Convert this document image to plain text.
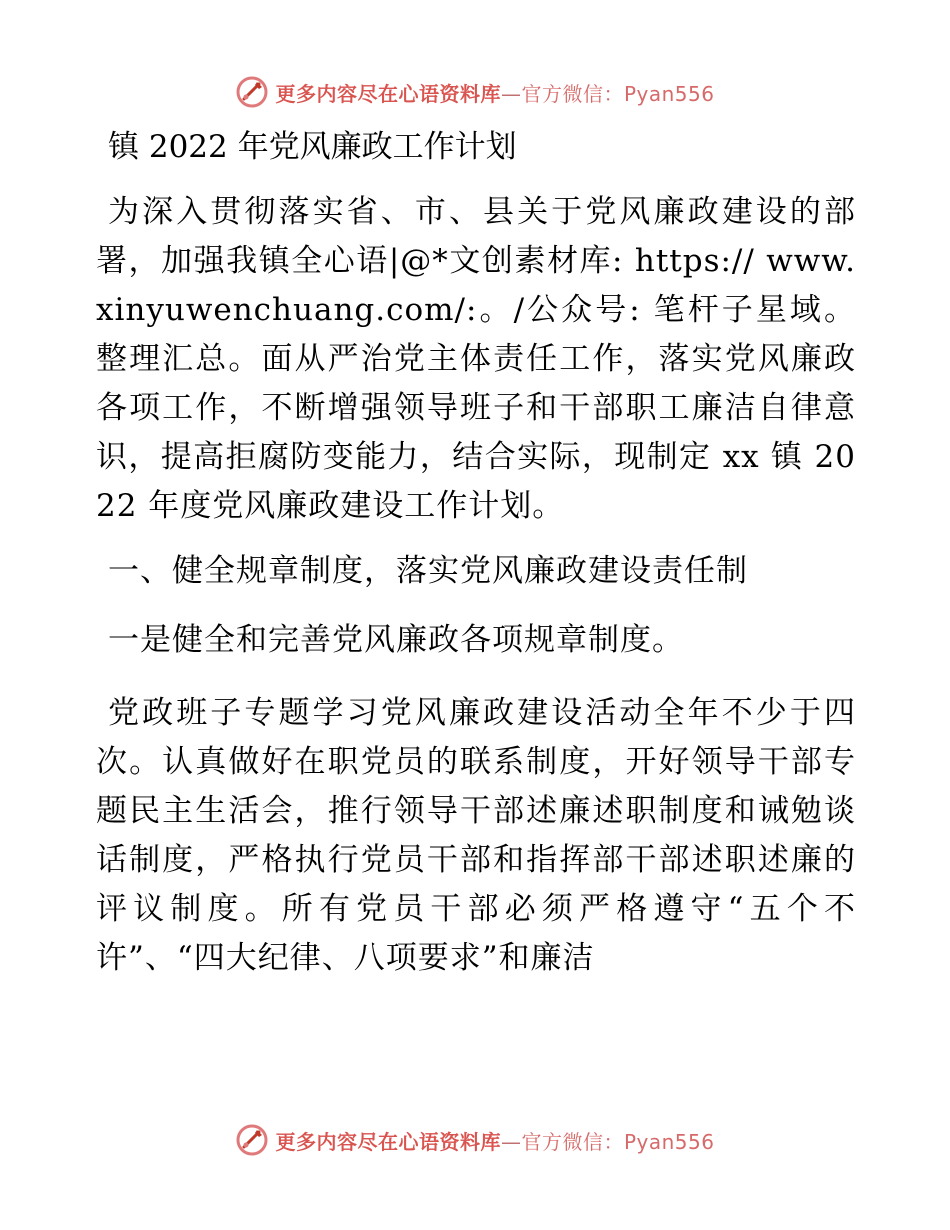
更多内容尽在心语资料库—官方微信：Pyan556
镇 2022 年党风廉政工作计划

为深入贯彻落实省、市、县关于党风廉政建设的部署，加强我镇全心语|@*文创素材库: https:// www.xinyuwenchuang.com/:。/公众号: 笔杆子星域。整理汇总。面从严治党主体责任工作，落实党风廉政各项工作，不断增强领导班子和干部职工廉洁自律意识，提高拒腐防变能力，结合实际，现制定 xx 镇 2022 年度党风廉政建设工作计划。

一、健全规章制度，落实党风廉政建设责任制

一是健全和完善党风廉政各项规章制度。

党政班子专题学习党风廉政建设活动全年不少于四次。认真做好在职党员的联系制度，开好领导干部专题民主生活会，推行领导干部述廉述职制度和诫勉谈话制度，严格执行党员干部和指挥部干部述职述廉的评议制度。所有党员干部必须严格遵守“五个不许”、“四大纪律、八项要求”和廉洁

更多内容尽在心语资料库—官方微信：Pyan556
